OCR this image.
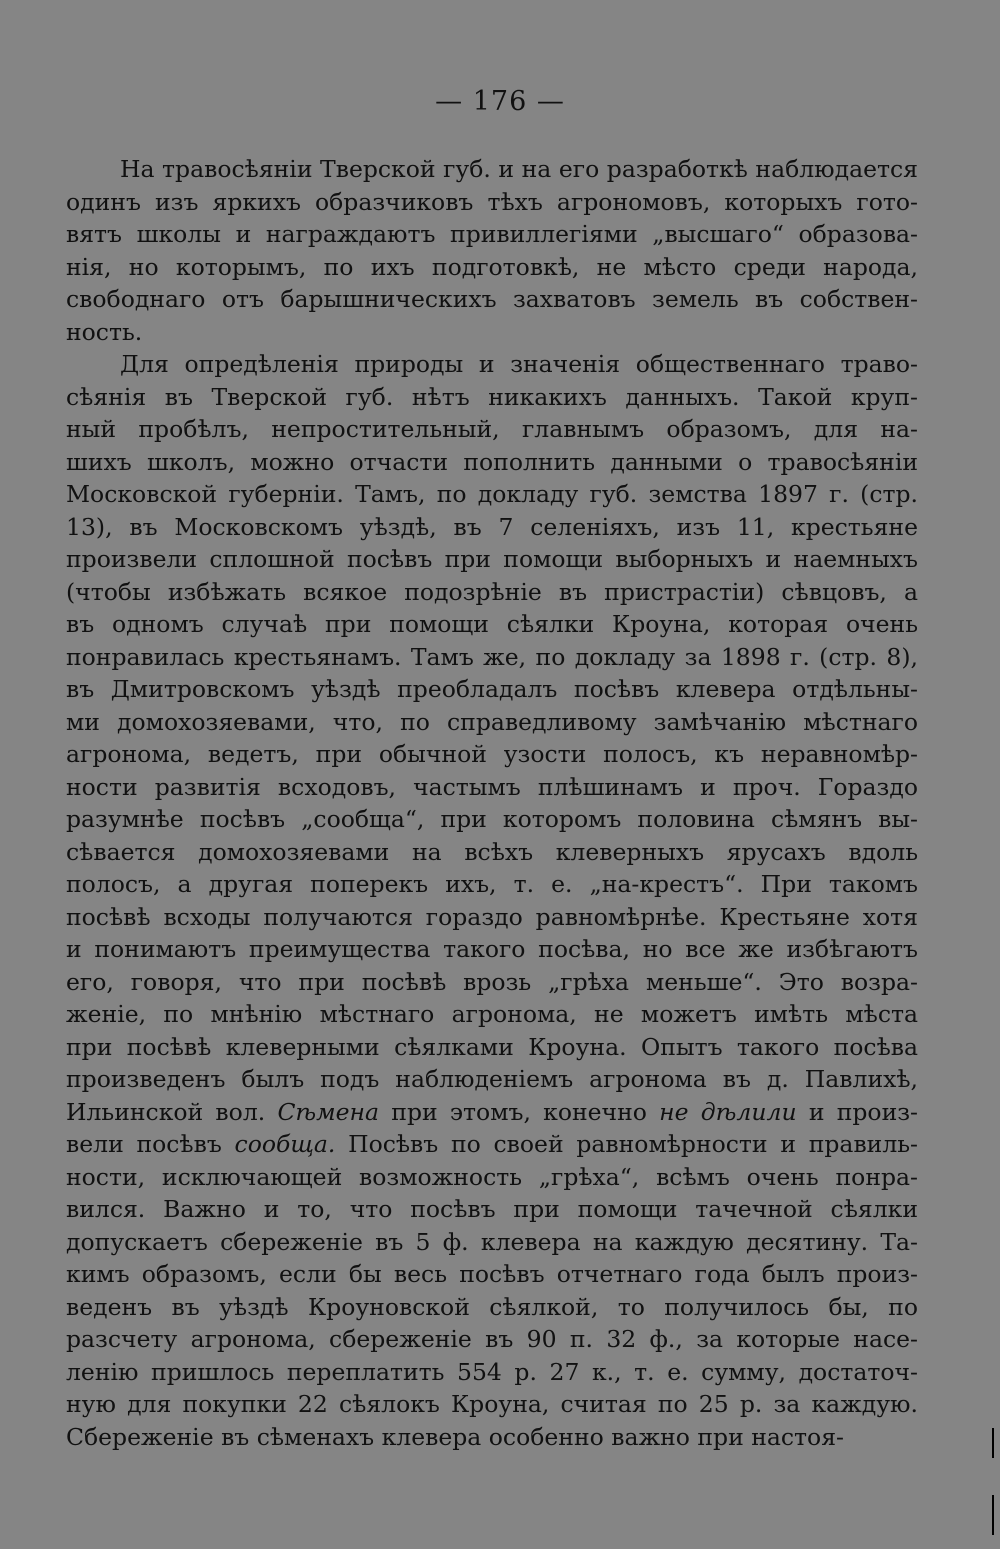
— 176 —
На травосѣяніи Тверской губ. и на его разработкѣ наблюдается
одинъ изъ яркихъ образчиковъ тѣхъ агрономовъ, которыхъ гото-
вятъ школы и награждаютъ привиллегіями „высшаго“ образова-
нія, но которымъ, по ихъ подготовкѣ, не мѣсто среди народа,
свободнаго отъ барышническихъ захватовъ земель въ собствен-
ность.
Для опредѣленія природы и значенія общественнаго траво-
сѣянія въ Тверской губ. нѣтъ никакихъ данныхъ. Такой круп-
ный пробѣлъ, непростительный, главнымъ образомъ, для на-
шихъ школъ, можно отчасти пополнить данными о травосѣяніи
Московской губерніи. Тамъ, по докладу губ. земства 1897 г. (стр.
13), въ Московскомъ уѣздѣ, въ 7 селеніяхъ, изъ 11, крестьяне
произвели сплошной посѣвъ при помощи выборныхъ и наемныхъ
(чтобы избѣжать всякое подозрѣніе въ пристрастіи) сѣвцовъ, а
въ одномъ случаѣ при помощи сѣялки Кроуна, которая очень
понравилась крестьянамъ. Тамъ же, по докладу за 1898 г. (стр. 8),
въ Дмитровскомъ уѣздѣ преобладалъ посѣвъ клевера отдѣльны-
ми домохозяевами, что, по справедливому замѣчанію мѣстнаго
агронома, ведетъ, при обычной узости полосъ, къ неравномѣр-
ности развитія всходовъ, частымъ плѣшинамъ и проч. Гораздо
разумнѣе посѣвъ „сообща“, при которомъ половина сѣмянъ вы-
сѣвается домохозяевами на всѣхъ клеверныхъ ярусахъ вдоль
полосъ, а другая поперекъ ихъ, т. е. „на-крестъ“. При такомъ
посѣвѣ всходы получаются гораздо равномѣрнѣе. Крестьяне хотя
и понимаютъ преимущества такого посѣва, но все же избѣгаютъ
его, говоря, что при посѣвѣ врозь „грѣха меньше“. Это возра-
женіе, по мнѣнію мѣстнаго агронома, не можетъ имѣть мѣста
при посѣвѣ клеверными сѣялками Кроуна. Опытъ такого посѣва
произведенъ былъ подъ наблюденіемъ агронома въ д. Павлихѣ,
Ильинской вол. Сѣмена при этомъ, конечно не дѣлили и произ-
вели посѣвъ сообща. Посѣвъ по своей равномѣрности и правиль-
ности, исключающей возможность „грѣха“, всѣмъ очень понра-
вился. Важно и то, что посѣвъ при помощи тачечной сѣялки
допускаетъ сбереженіе въ 5 ф. клевера на каждую десятину. Та-
кимъ образомъ, если бы весь посѣвъ отчетнаго года былъ произ-
веденъ въ уѣздѣ Кроуновской сѣялкой, то получилось бы, по
разсчету агронома, сбереженіе въ 90 п. 32 ф., за которые насе-
ленію пришлось переплатить 554 р. 27 к., т. е. сумму, достаточ-
ную для покупки 22 сѣялокъ Кроуна, считая по 25 р. за каждую.
Сбереженіе въ сѣменахъ клевера особенно важно при настоя-
